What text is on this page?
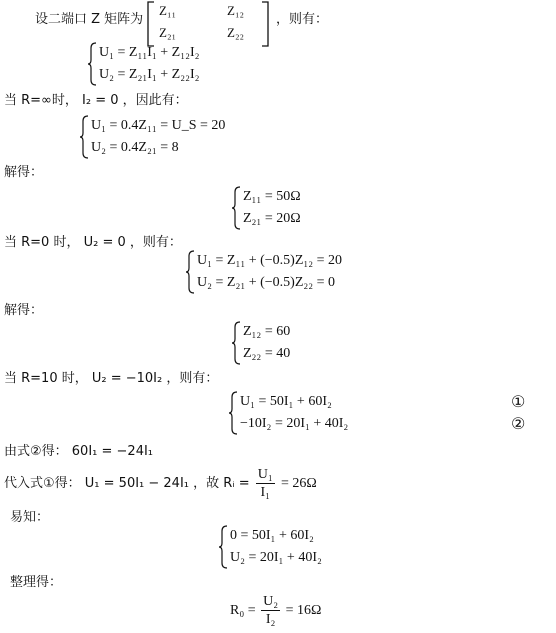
设二端口 Z 矩阵为
Z₁₁	Z₁₂
Z₂₁	Z₂₂
，则有：
U₁ = Z₁₁I₁ + Z₁₂I₂
U₂ = Z₂₁I₁ + Z₂₂I₂
当 R=∞时， I₂ = 0 ，因此有：
U₁ = 0.4Z₁₁ = U_S = 20
U₂ = 0.4Z₂₁ = 8
解得：
Z₁₁ = 50Ω
Z₂₁ = 20Ω
当 R=0 时， U₂ = 0 ，则有：
U₁ = Z₁₁ + (−0.5)Z₁₂ = 20
U₂ = Z₂₁ + (−0.5)Z₂₂ = 0
解得：
Z₁₂ = 60
Z₂₂ = 40
当 R=10 时， U₂ = −10I₂ ，则有：
U₁ = 50I₁ + 60I₂
−10I₂ = 20I₁ + 40I₂
①
②
由式②得： 60I₁ = −24I₁
代入式①得： U₁ = 50I₁ − 24I₁ ，故 Rᵢ = $\frac{\text{U₁}}{\text{I₁}} = 26\Omega$
易知：
0 = 50I₁ + 60I₂
U₂ = 20I₁ + 40I₂
整理得：
$R_0 = \frac{\text{U₂}}{\text{I₂}} = 16\Omega$
